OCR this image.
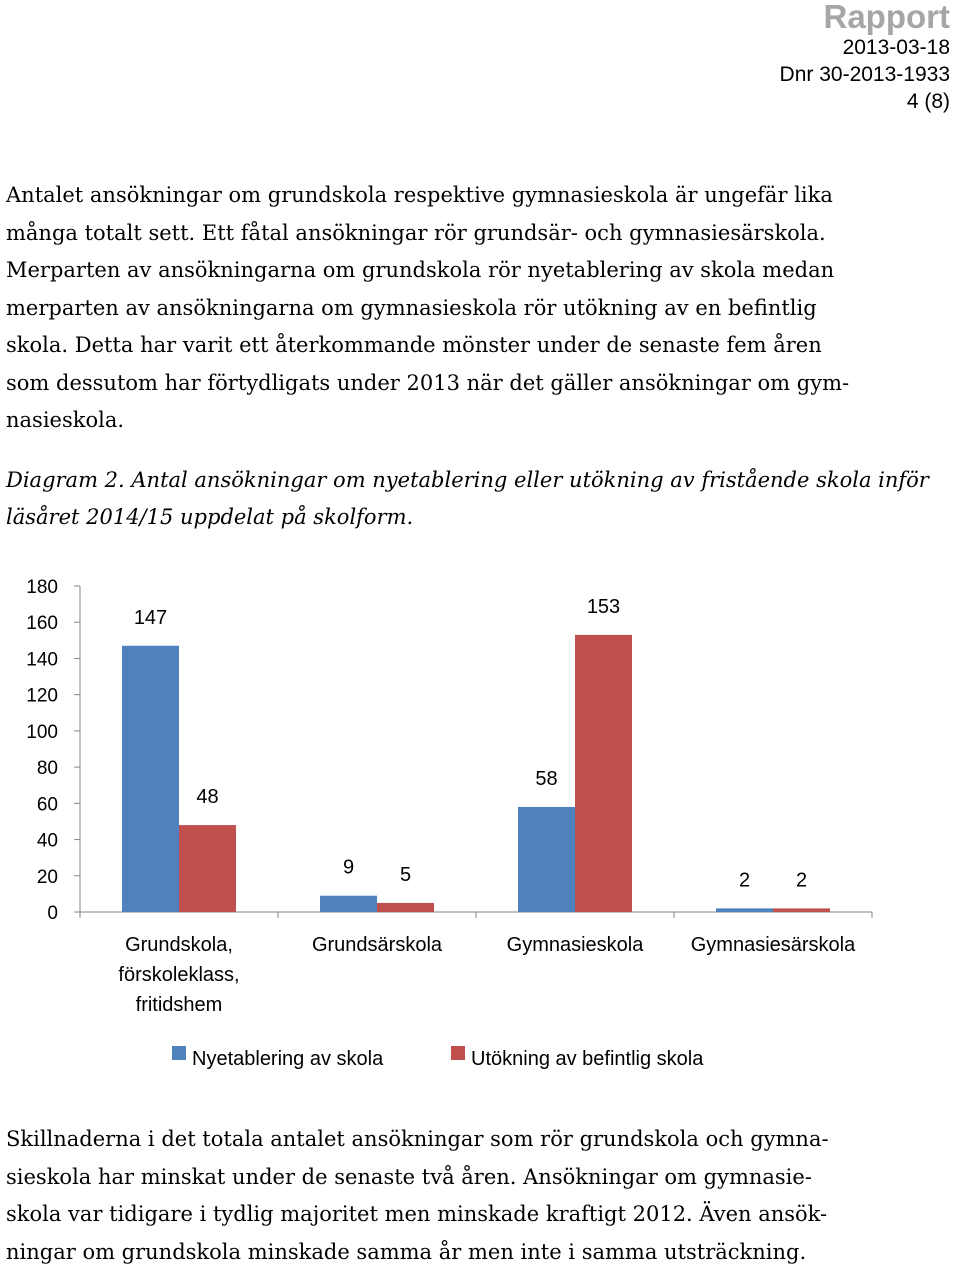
Rapport
2013-03-18
Dnr 30-2013-1933
4 (8)

Antalet ansökningar om grundskola respektive gymnasieskola är ungefär lika

många totalt sett. Ett fåtal ansökningar rör grundsär- och gymnasiesärskola.

Merparten av ansökningarna om grundskola rör nyetablering av skola medan

merparten av ansökningarna om gymnasieskola rör utökning av en befintlig

skola. Detta har varit ett återkommande mönster under de senaste fem åren

som dessutom har förtydligats under 2013 när det gäller ansökningar om gym-

nasieskola.

Diagram 2. Antal ansökningar om nyetablering eller utökning av fristående skola inför
läsåret 2014/15 uppdelat på skolform.
0
20
40
60
80
100
120
140
160
180
147
9
58
2
48
5
153
2
Grundskola,
förskoleklass,
fritidshem
Grundsärskola	Gymnasieskola Gymnasiesärskola
Nyetablering av skola	Utökning av befintlig skola

Skillnaderna i det totala antalet ansökningar som rör grundskola och gymna-

sieskola har minskat under de senaste två åren. Ansökningar om gymnasie-

skola var tidigare i tydlig majoritet men minskade kraftigt 2012. Även ansök-

ningar om grundskola minskade samma år men inte i samma utsträckning.
